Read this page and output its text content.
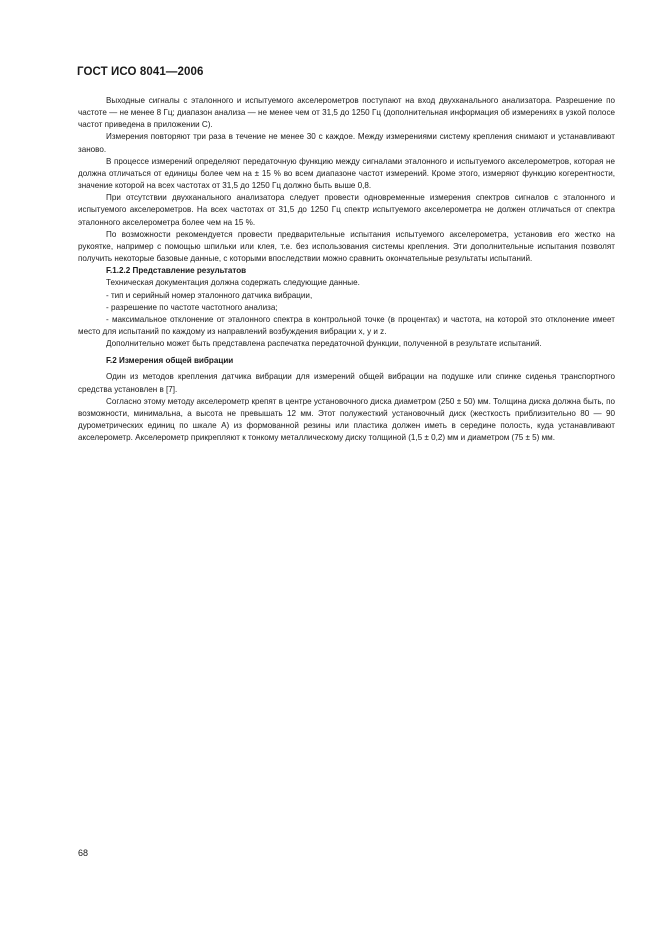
ГОСТ ИСО 8041—2006

Выходные сигналы с эталонного и испытуемого акселерометров поступают на вход двухканального анализатора. Разрешение по частоте — не менее 8 Гц; диапазон анализа — не менее чем от 31,5 до 1250 Гц (дополнительная информация об измерениях в узкой полосе частот приведена в приложении С).

Измерения повторяют три раза в течение не менее 30 с каждое. Между измерениями систему крепления снимают и устанавливают заново.

В процессе измерений определяют передаточную функцию между сигналами эталонного и испытуемого акселерометров, которая не должна отличаться от единицы более чем на ± 15 % во всем диапазоне частот измерений. Кроме этого, измеряют функцию когерентности, значение которой на всех частотах от 31,5 до 1250 Гц должно быть выше 0,8.

При отсутствии двухканального анализатора следует провести одновременные измерения спектров сигналов с эталонного и испытуемого акселерометров. На всех частотах от 31,5 до 1250 Гц спектр испытуемого акселерометра не должен отличаться от спектра эталонного акселерометра более чем на 15 %.

По возможности рекомендуется провести предварительные испытания испытуемого акселерометра, установив его жестко на рукоятке, например с помощью шпильки или клея, т.е. без использования системы крепления. Эти дополнительные испытания позволят получить некоторые базовые данные, с которыми впоследствии можно сравнить окончательные результаты испытаний.

F.1.2.2 Представление результатов

Техническая документация должна содержать следующие данные.

- тип и серийный номер эталонного датчика вибрации,

- разрешение по частоте частотного анализа;

- максимальное отклонение от эталонного спектра в контрольной точке (в процентах) и частота, на которой это отклонение имеет место для испытаний по каждому из направлений возбуждения вибрации x, y и z.

Дополнительно может быть представлена распечатка передаточной функции, полученной в результате испытаний.

F.2 Измерения общей вибрации

Один из методов крепления датчика вибрации для измерений общей вибрации на подушке или спинке сиденья транспортного средства установлен в [7].

Согласно этому методу акселерометр крепят в центре установочного диска диаметром (250 ± 50) мм. Толщина диска должна быть, по возможности, минимальна, а высота не превышать 12 мм. Этот полужесткий установочный диск (жесткость приблизительно 80 — 90 дурометрических единиц по шкале А) из формованной резины или пластика должен иметь в середине полость, куда устанавливают акселерометр. Акселерометр прикрепляют к тонкому металлическому диску толщиной (1,5 ± 0,2) мм и диаметром (75 ± 5) мм.

68
